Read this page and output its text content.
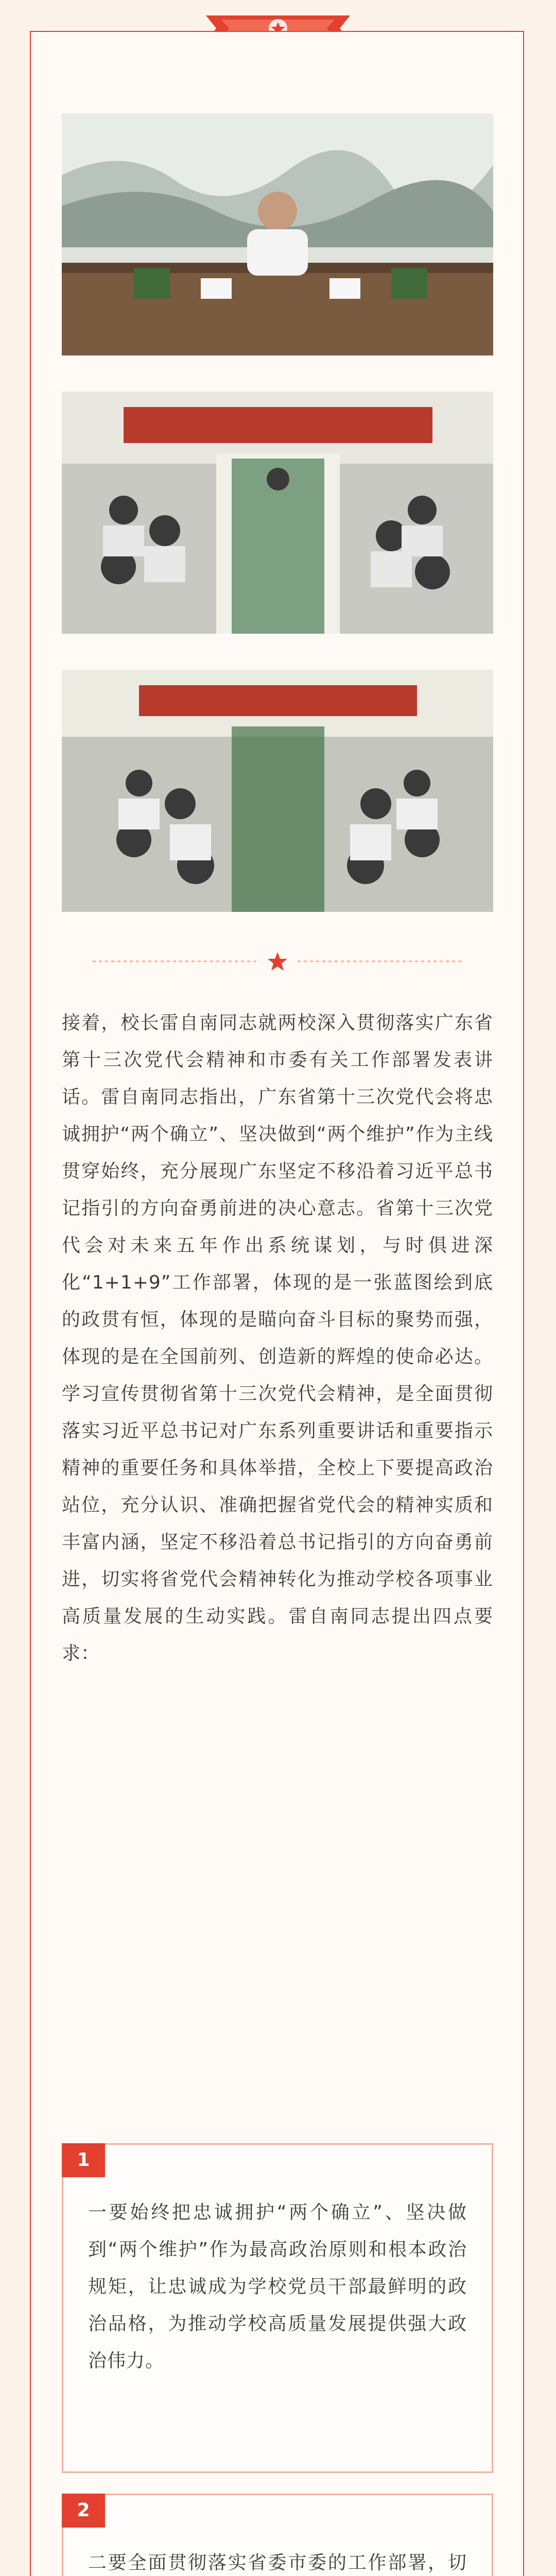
接着，校长雷自南同志就两校深入贯彻落实广东省第十三次党代会精神和市委有关工作部署发表讲话。雷自南同志指出，广东省第十三次党代会将忠诚拥护“两个确立”、坚决做到“两个维护”作为主线贯穿始终，充分展现广东坚定不移沿着习近平总书记指引的方向奋勇前进的决心意志。省第十三次党代会对未来五年作出系统谋划，与时俱进深化“1+1+9”工作部署，体现的是一张蓝图绘到底的政贯有恒，体现的是瞄向奋斗目标的聚势而强，体现的是在全国前列、创造新的辉煌的使命必达。学习宣传贯彻省第十三次党代会精神，是全面贯彻落实习近平总书记对广东系列重要讲话和重要指示精神的重要任务和具体举措，全校上下要提高政治站位，充分认识、准确把握省党代会的精神实质和丰富内涵，坚定不移沿着总书记指引的方向奋勇前进，切实将省党代会精神转化为推动学校各项事业高质量发展的生动实践。雷自南同志提出四点要求：

1

一要始终把忠诚拥护“两个确立”、坚决做到“两个维护”作为最高政治原则和根本政治规矩，让忠诚成为学校党员干部最鲜明的政治品格，为推动学校高质量发展提供强大政治伟力。

2

二要全面贯彻落实省委市委的工作部署，切
